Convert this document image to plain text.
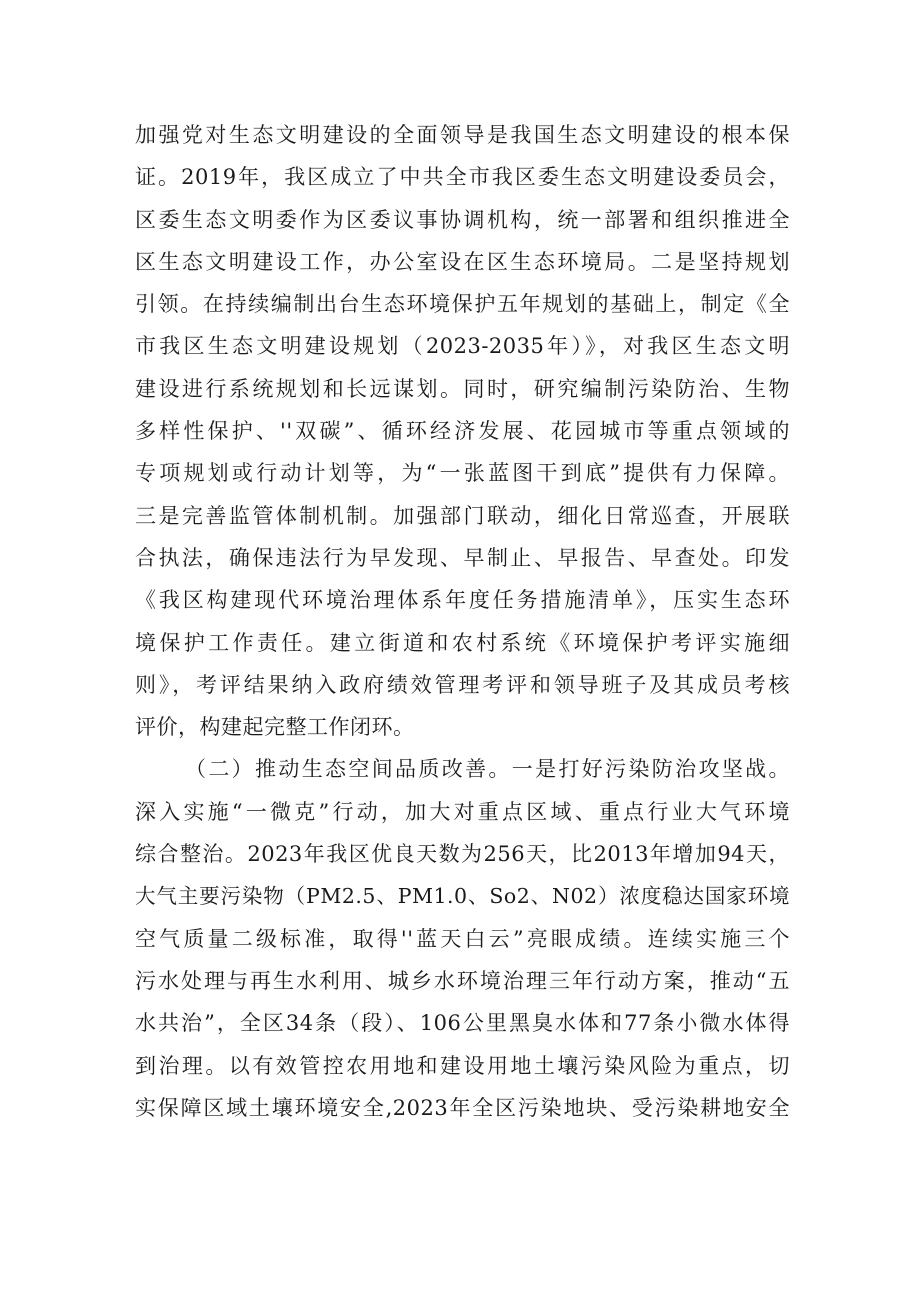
加强党对生态文明建设的全面领导是我国生态文明建设的根本保
证。2019年，我区成立了中共全市我区委生态文明建设委员会，
区委生态文明委作为区委议事协调机构，统一部署和组织推进全
区生态文明建设工作，办公室设在区生态环境局。二是坚持规划
引领。在持续编制出台生态环境保护五年规划的基础上，制定《全
市我区生态文明建设规划（2023-2035年）》，对我区生态文明
建设进行系统规划和长远谋划。同时，研究编制污染防治、生物
多样性保护、''双碳”、循环经济发展、花园城市等重点领域的
专项规划或行动计划等，为“一张蓝图干到底”提供有力保障。
三是完善监管体制机制。加强部门联动，细化日常巡查，开展联
合执法，确保违法行为早发现、早制止、早报告、早查处。印发
《我区构建现代环境治理体系年度任务措施清单》，压实生态环
境保护工作责任。建立街道和农村系统《环境保护考评实施细
则》，考评结果纳入政府绩效管理考评和领导班子及其成员考核
评价，构建起完整工作闭环。
（二）推动生态空间品质改善。一是打好污染防治攻坚战。
深入实施“一微克”行动，加大对重点区域、重点行业大气环境
综合整治。2023年我区优良天数为256天，比2013年增加94天，
大气主要污染物（PM2.5、PM1.0、So2、N02）浓度稳达国家环境
空气质量二级标准，取得''蓝天白云”亮眼成绩。连续实施三个
污水处理与再生水利用、城乡水环境治理三年行动方案，推动“五
水共治”，全区34条（段）、106公里黑臭水体和77条小微水体得
到治理。以有效管控农用地和建设用地土壤污染风险为重点，切
实保障区域土壤环境安全,2023年全区污染地块、受污染耕地安全
